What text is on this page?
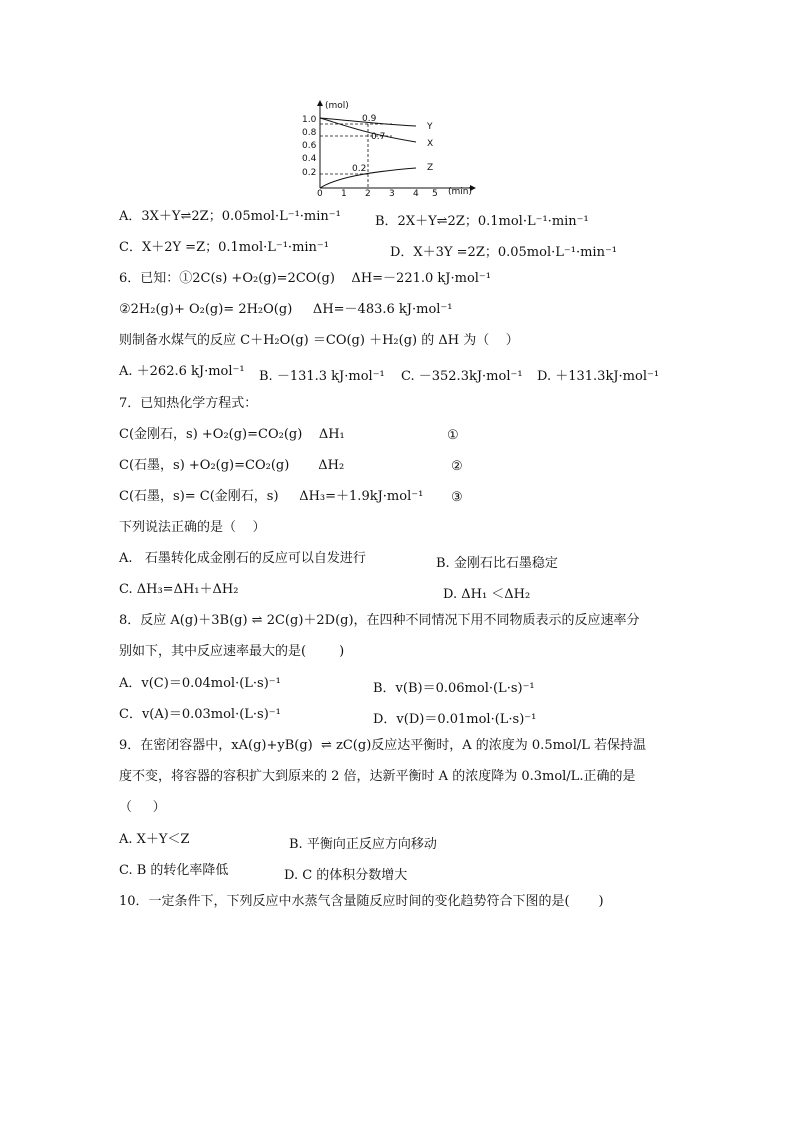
(mol)
(min)
1.0
0.8
0.6
0.4
0.2
0 1 2 3 4 5
0.9
0.7
0.2
Y
X
Z
A．3X＋Y⇌2Z；0.05mol·L⁻¹·min⁻¹	B．2X＋Y⇌2Z；0.1mol·L⁻¹·min⁻¹
C．X＋2Y =Z；0.1mol·L⁻¹·min⁻¹	D．X＋3Y =2Z；0.05mol·L⁻¹·min⁻¹
6．已知：①2C(s) +O₂(g)=2CO(g)    ΔH=－221.0 kJ·mol⁻¹
②2H₂(g)+ O₂(g)= 2H₂O(g)     ΔH=－483.6 kJ·mol⁻¹
则制备水煤气的反应 C＋H₂O(g) ＝CO(g) ＋H₂(g) 的 ΔH 为（    ）
A. ＋262.6 kJ·mol⁻¹ B. －131.3 kJ·mol⁻¹ C. －352.3kJ·mol⁻¹ D. ＋131.3kJ·mol⁻¹
7．已知热化学方程式：
C(金刚石，s) +O₂(g)=CO₂(g)    ΔH₁	①
C(石墨，s) +O₂(g)=CO₂(g)       ΔH₂	②
C(石墨，s)= C(金刚石，s)     ΔH₃=＋1.9kJ·mol⁻¹ ③
下列说法正确的是（    ）
A.   石墨转化成金刚石的反应可以自发进行	B. 金刚石比石墨稳定
C. ΔH₃=ΔH₁＋ΔH₂	D. ΔH₁ ＜ΔH₂
8．反应 A(g)＋3B(g) ⇌ 2C(g)＋2D(g)，在四种不同情况下用不同物质表示的反应速率分
别如下，其中反应速率最大的是(        )
A．v(C)＝0.04mol·(L·s)⁻¹	B．v(B)＝0.06mol·(L·s)⁻¹
C．v(A)＝0.03mol·(L·s)⁻¹	D．v(D)＝0.01mol·(L·s)⁻¹
9．在密闭容器中，xA(g)+yB(g)  ⇌ zC(g)反应达平衡时，A 的浓度为 0.5mol/L 若保持温
度不变，将容器的容积扩大到原来的 2 倍，达新平衡时 A 的浓度降为 0.3mol/L.正确的是
（     ）
A. X＋Y＜Z	B. 平衡向正反应方向移动
C. B 的转化率降低	D. C 的体积分数增大
10．一定条件下，下列反应中水蒸气含量随反应时间的变化趋势符合下图的是(       )
